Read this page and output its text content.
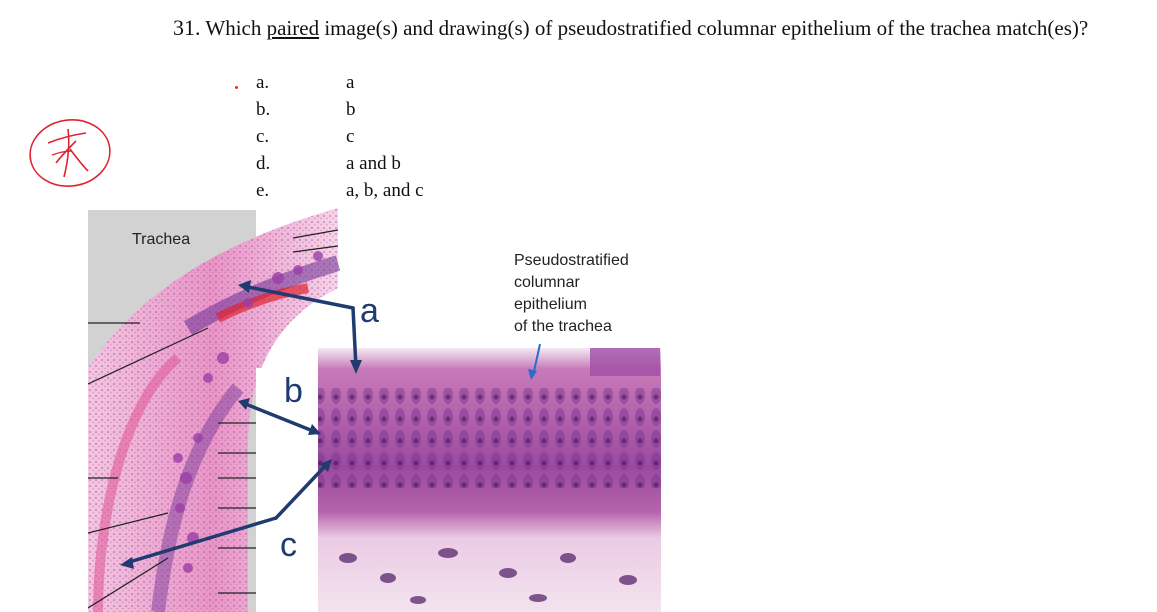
31. Which paired image(s) and drawing(s) of pseudostratified columnar epithelium of the trachea match(es)?
a.	a
b.	b
c.	c
d.	a and b
e.	a, b, and c
Trachea
a
b
c
Pseudostratified
columnar
epithelium
of the trachea
